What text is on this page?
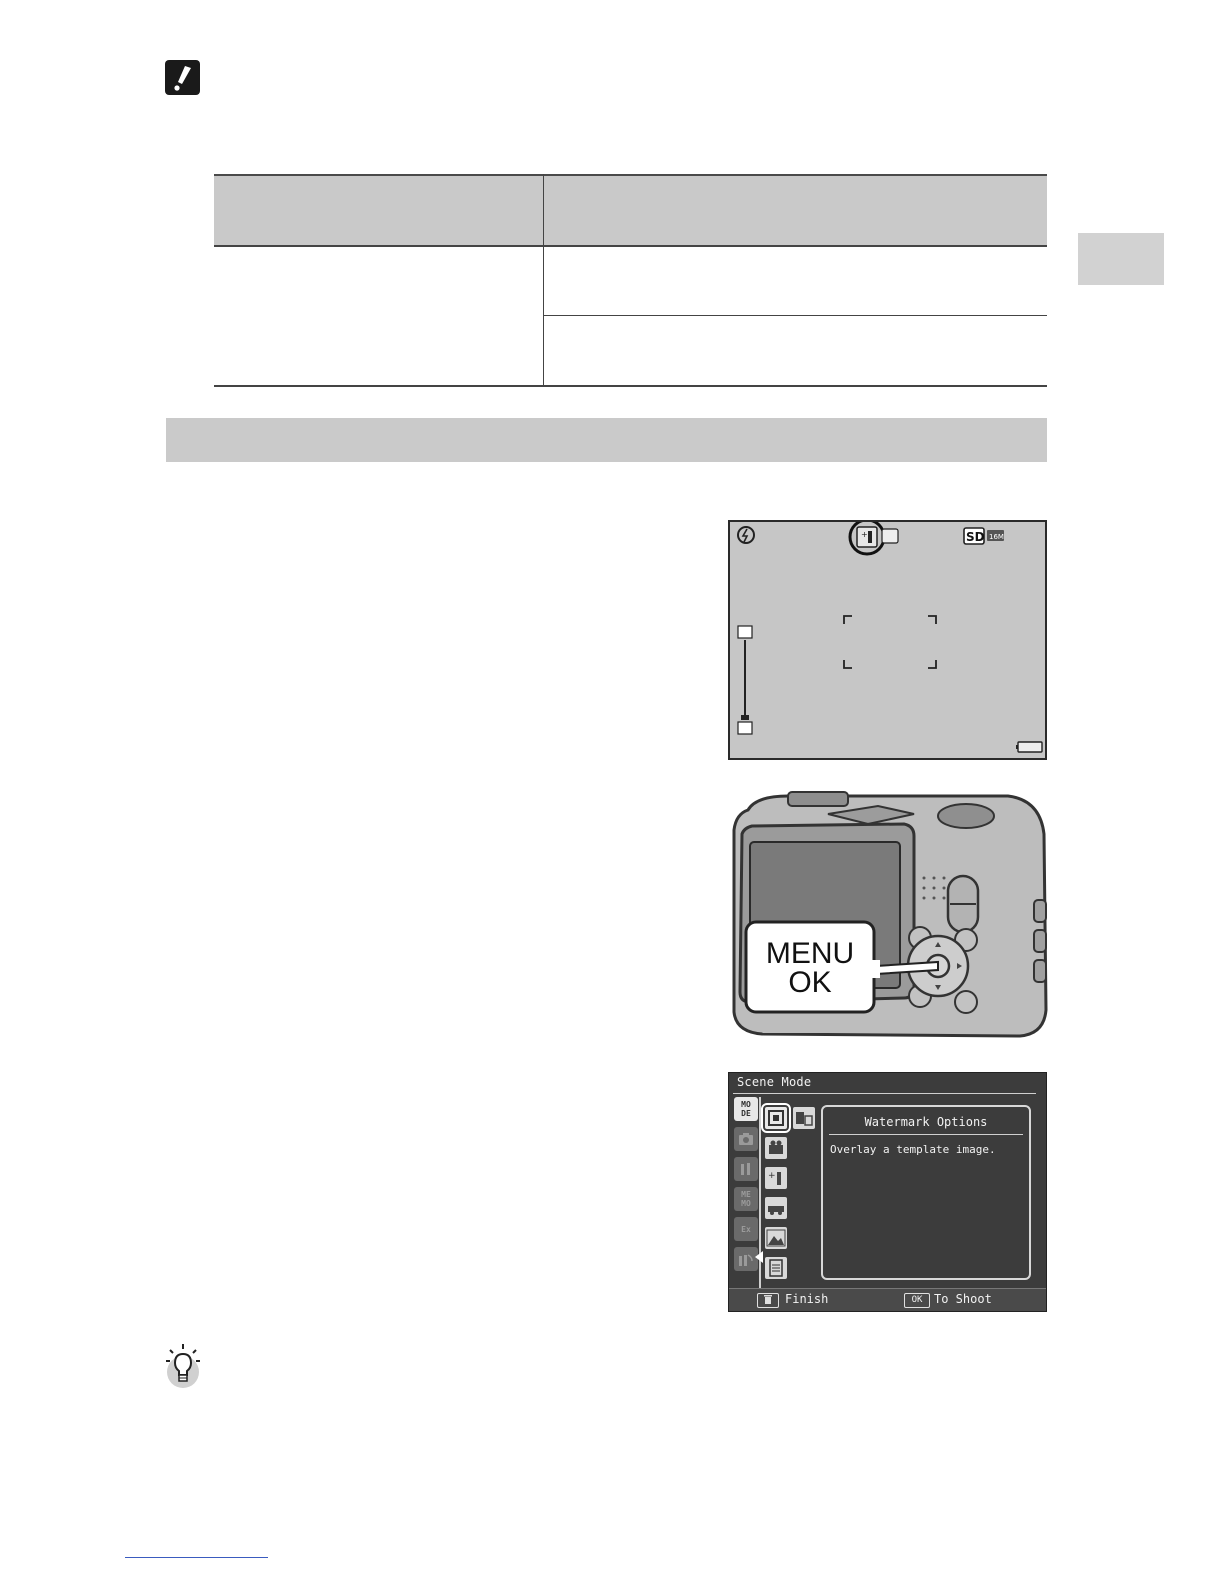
+	SD 16M
MENU
OK
Scene Mode
MO DE
ME MO
Ex
+
Watermark Options
Overlay a template image.
Finish	OK To Shoot
